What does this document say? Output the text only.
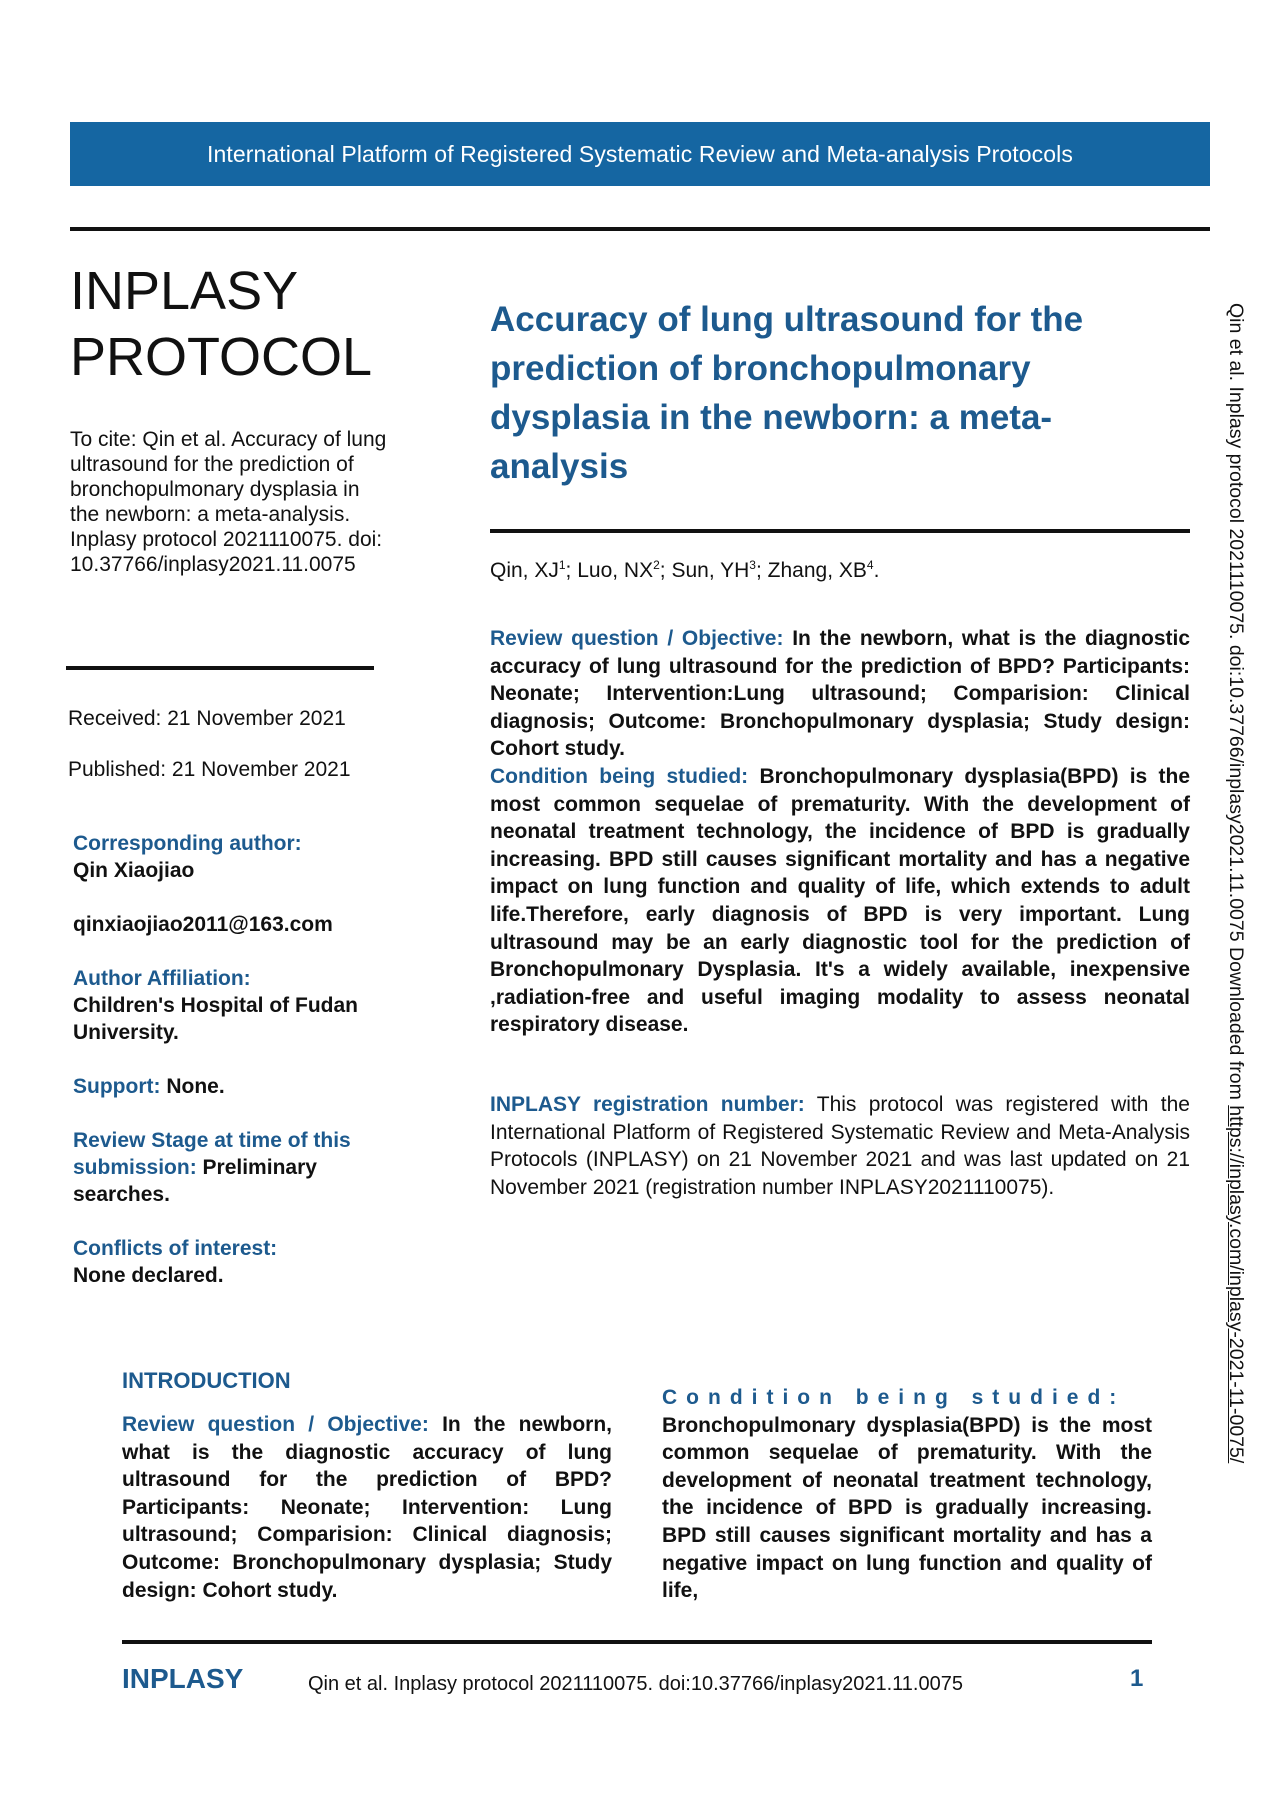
International Platform of Registered Systematic Review and Meta-analysis Protocols
INPLASY
PROTOCOL
To cite: Qin et al. Accuracy of lung ultrasound for the prediction of bronchopulmonary dysplasia in the newborn: a meta-analysis. Inplasy protocol 2021110075. doi: 10.37766/inplasy2021.11.0075
Received: 21 November 2021
Published: 21 November 2021
Corresponding author:
Qin Xiaojiao
qinxiaojiao2011@163.com
Author Affiliation:
Children's Hospital of Fudan University.
Support: None.
Review Stage at time of this submission: Preliminary searches.
Conflicts of interest:
None declared.
Accuracy of lung ultrasound for the prediction of bronchopulmonary dysplasia in the newborn: a meta-analysis
Qin, $XJ^1$; Luo, $NX^2$; Sun, $YH^3$; Zhang, $XB^4$.

Review question / Objective: In the newborn, what is the diagnostic accuracy of lung ultrasound for the prediction of BPD? Participants: Neonate; Intervention:Lung ultrasound; Comparision: Clinical diagnosis; Outcome: Bronchopulmonary dysplasia; Study design: Cohort study.

Condition being studied: Bronchopulmonary dysplasia(BPD) is the most common sequelae of prematurity. With the development of neonatal treatment technology, the incidence of BPD is gradually increasing. BPD still causes significant mortality and has a negative impact on lung function and quality of life, which extends to adult life.Therefore, early diagnosis of BPD is very important. Lung ultrasound may be an early diagnostic tool for the prediction of Bronchopulmonary Dysplasia. It's a widely available, inexpensive ,radiation-free and useful imaging modality to assess neonatal respiratory disease.

INPLASY registration number: This protocol was registered with the International Platform of Registered Systematic Review and Meta-Analysis Protocols (INPLASY) on 21 November 2021 and was last updated on 21 November 2021 (registration number INPLASY2021110075).

INTRODUCTION
Review question / Objective: In the newborn, what is the diagnostic accuracy of lung ultrasound for the prediction of BPD? Participants: Neonate; Intervention: Lung ultrasound; Comparision: Clinical diagnosis; Outcome: Bronchopulmonary dysplasia; Study design: Cohort study.
Condition being studied:
Bronchopulmonary dysplasia(BPD) is the most common sequelae of prematurity. With the development of neonatal treatment technology, the incidence of BPD is gradually increasing. BPD still causes significant mortality and has a negative impact on lung function and quality of life,
INPLASY	Qin et al. Inplasy protocol 2021110075. doi:10.37766/inplasy2021.11.0075	1
Qin et al. Inplasy protocol 2021110075. doi:10.37766/inplasy2021.11.0075 Downloaded from https://inplasy.com/inplasy-2021-11-0075/
